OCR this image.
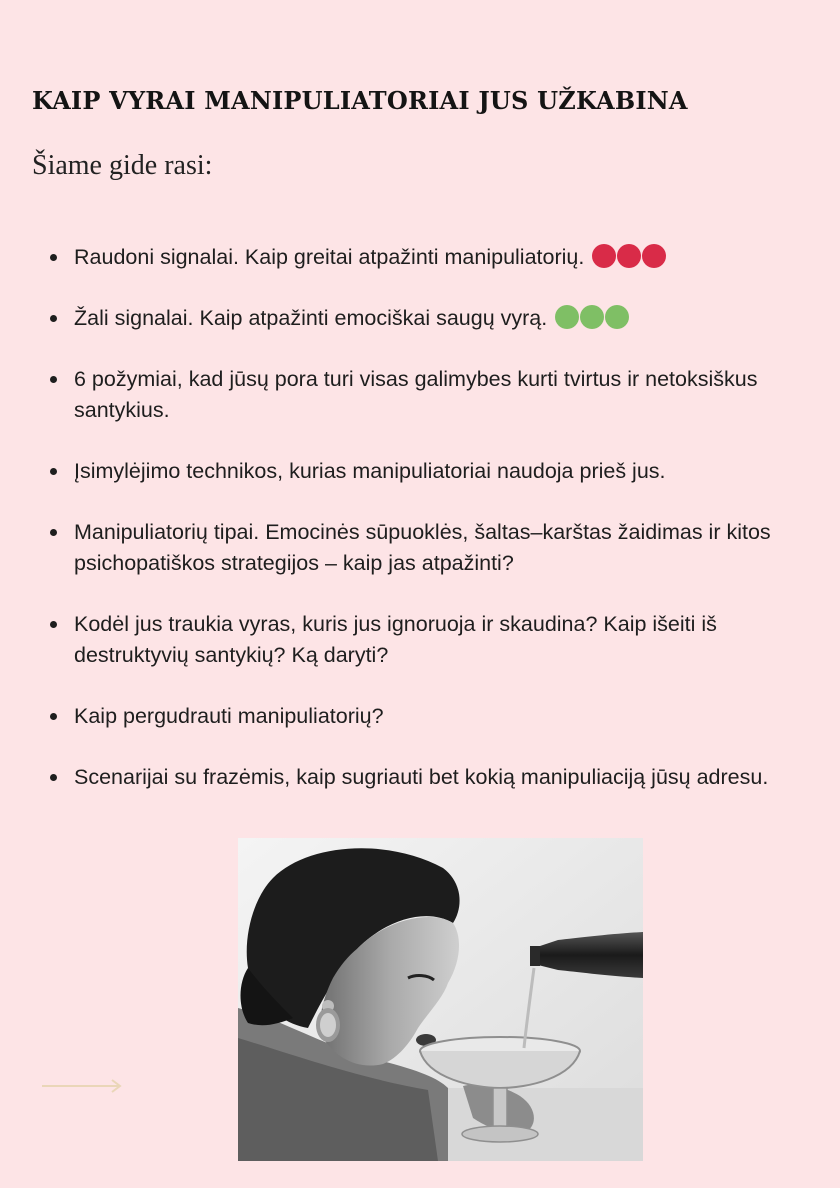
KAIP VYRAI MANIPULIATORIAI JUS UŽKABINA

Šiame gide rasi:

Raudoni signalai. Kaip greitai atpažinti manipuliatorių.
Žali signalai. Kaip atpažinti emociškai saugų vyrą.
6 požymiai, kad jūsų pora turi visas galimybes kurti tvirtus ir netoksiškus santykius.
Įsimylėjimo technikos, kurias manipuliatoriai naudoja prieš jus.
Manipuliatorių tipai. Emocinės sūpuoklės, šaltas–karštas žaidimas ir kitos psichopatiškos strategijos – kaip jas atpažinti?
Kodėl jus traukia vyras, kuris jus ignoruoja ir skaudina? Kaip išeiti iš destruktyvių santykių? Ką daryti?
Kaip pergudrauti manipuliatorių?
Scenarijai su frazėmis, kaip sugriauti bet kokią manipuliaciją jūsų adresu.
